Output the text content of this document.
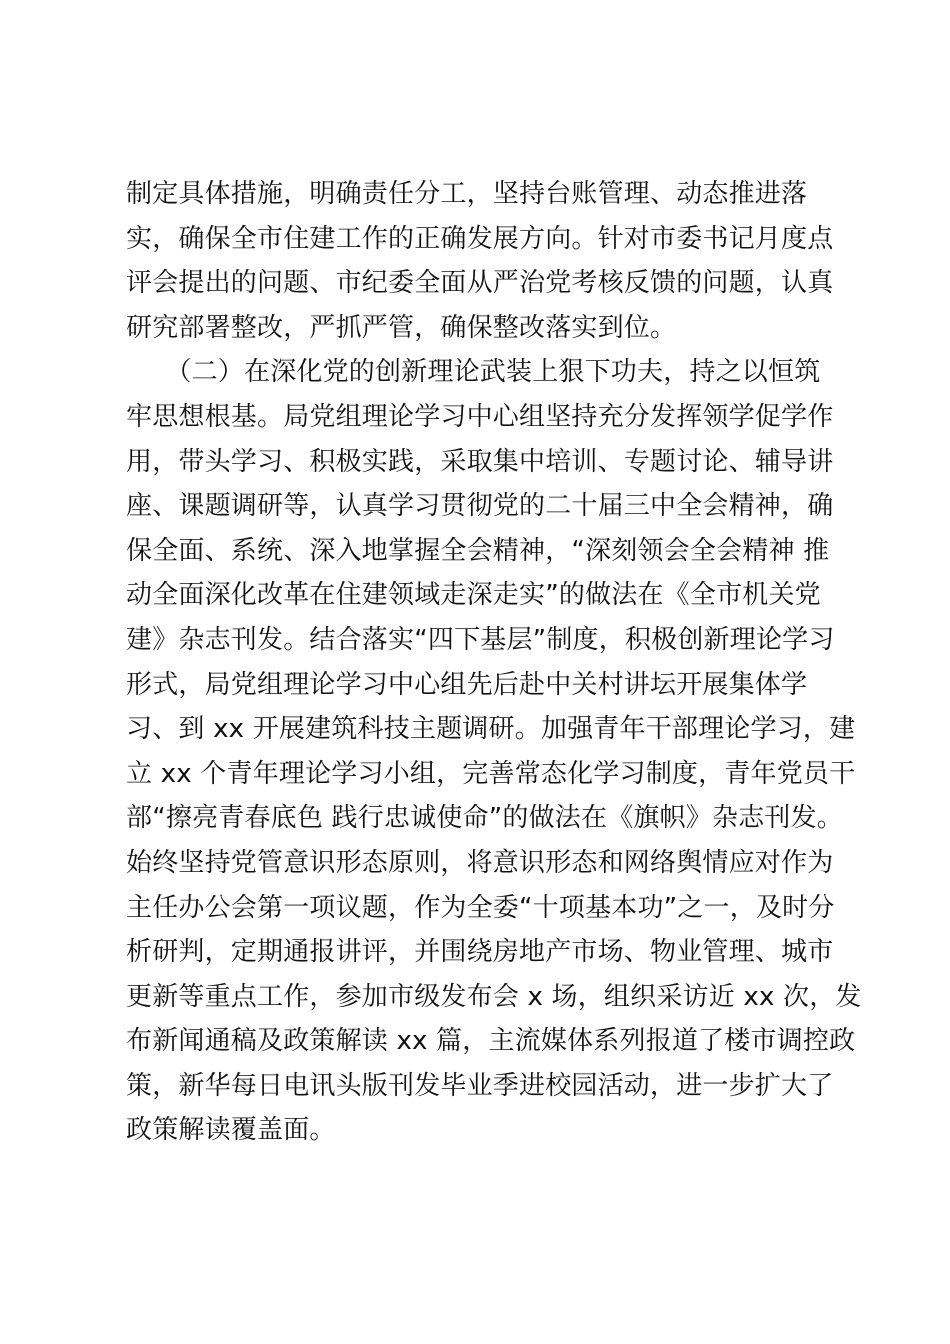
制定具体措施，明确责任分工，坚持台账管理、动态推进落
实，确保全市住建工作的正确发展方向。针对市委书记月度点
评会提出的问题、市纪委全面从严治党考核反馈的问题，认真
研究部署整改，严抓严管，确保整改落实到位。
　　（二）在深化党的创新理论武装上狠下功夫，持之以恒筑
牢思想根基。局党组理论学习中心组坚持充分发挥领学促学作
用，带头学习、积极实践，采取集中培训、专题讨论、辅导讲
座、课题调研等，认真学习贯彻党的二十届三中全会精神，确
保全面、系统、深入地掌握全会精神，“深刻领会全会精神 推
动全面深化改革在住建领域走深走实”的做法在《全市机关党
建》杂志刊发。结合落实“四下基层”制度，积极创新理论学习
形式，局党组理论学习中心组先后赴中关村讲坛开展集体学
习、到 xx 开展建筑科技主题调研。加强青年干部理论学习，建
立 xx 个青年理论学习小组，完善常态化学习制度，青年党员干
部“擦亮青春底色 践行忠诚使命”的做法在《旗帜》杂志刊发。
始终坚持党管意识形态原则，将意识形态和网络舆情应对作为
主任办公会第一项议题，作为全委“十项基本功”之一，及时分
析研判，定期通报讲评，并围绕房地产市场、物业管理、城市
更新等重点工作，参加市级发布会 x 场，组织采访近 xx 次，发
布新闻通稿及政策解读 xx 篇，主流媒体系列报道了楼市调控政
策，新华每日电讯头版刊发毕业季进校园活动，进一步扩大了
政策解读覆盖面。
